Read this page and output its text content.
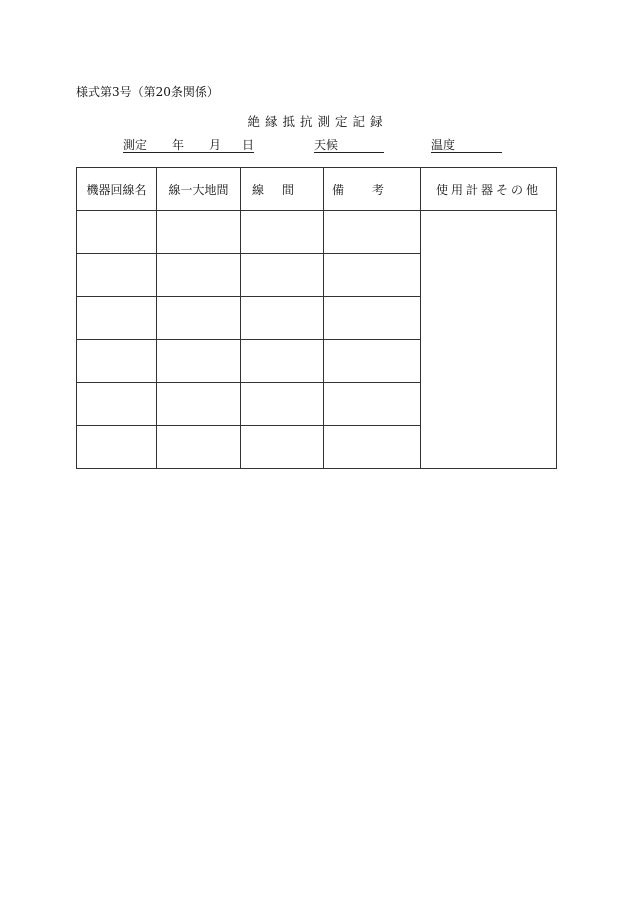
様式第3号（第20条関係）
絶縁抵抗測定記録
測定 年 月 日	天候	温度
機器回線名	線一大地間	線間	備考	使用計器その他
